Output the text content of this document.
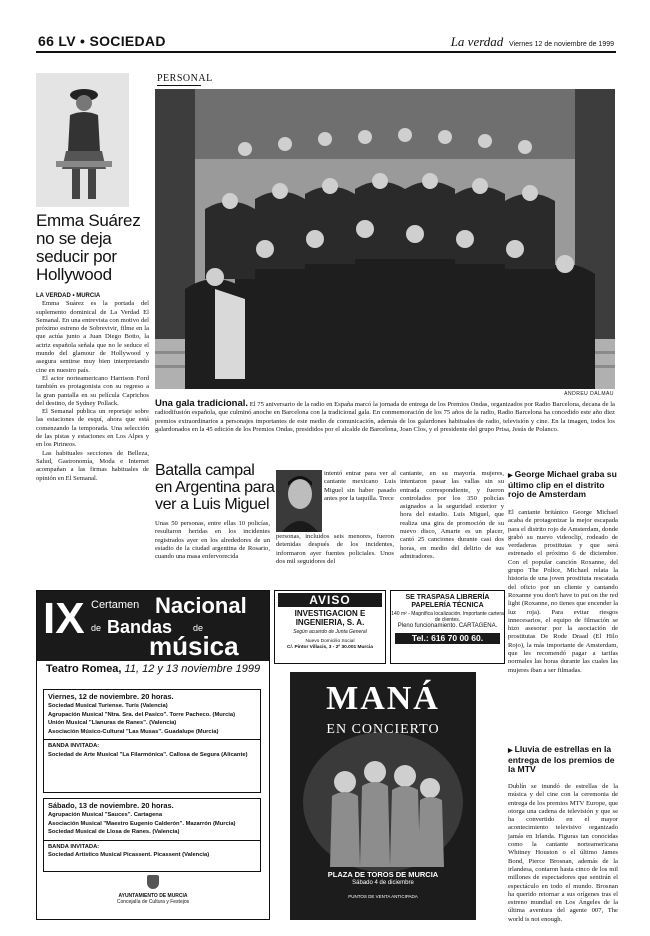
66 LV • SOCIEDAD	La verdad Viernes 12 de noviembre de 1999
PERSONAL
ANDREU DALMAU
Una gala tradicional. El 75 aniversario de la radio en España marcó la jornada de entrega de los Premios Ondas, organizados por Radio Barcelona, decana de la radiodifusión española, que culminó anoche en Barcelona con la tradicional gala. En conmemoración de los 75 años de la radio, Radio Barcelona ha concedido este año diez premios extraordinarios a personajes importantes de este medio de comunicación, además de los galardones habituales de radio, televisión y cine. En la imagen, todos los galardonados en la 45 edición de los Premios Ondas, presididos por el alcalde de Barcelona, Joan Clos, y el presidente del grupo Prisa, Jesús de Polanco.
Emma Suárez no se deja seducir por Hollywood

LA VERDAD • MURCIA

Emma Suárez es la portada del suplemento dominical de La Verdad El Semanal. En una entrevista con motivo del próximo estreno de Sobrevivir, filme en la que actúa junto a Juan Diego Botto, la actriz española señala que no le seduce el mundo del glamour de Hollywood y asegura sentirse muy bien interpretando cine en nuestro país.

El actor norteamericano Harrison Ford también es protagonista con su regreso a la gran pantalla en su película Caprichos del destino, de Sydney Pollack.

El Semanal publica un reportaje sobre las estaciones de esquí, ahora que está comenzando la temporada. Una selección de las pistas y estaciones en Los Alpes y en los Pirineos.

Las habituales secciones de Belleza, Salud, Gastronomía, Moda e Internet acompañan a las firmas habituales de opinión en El Semanal.	Batalla campal en Argentina para ver a Luis Miguel
Unas 50 personas, entre ellas 10 policías, resultaron heridas en los incidentes registrados ayer en los alrededores de un estadio de la ciudad argentina de Rosario, cuando una masa enfervorecida
intentó entrar para ver al cantante mexicano Luis Miguel sin haber pasado antes por la taquilla. Trece
personas, incluidos seis menores, fueron detenidas después de los incidentes, informaron ayer fuentes policiales. Unos dos mil seguidores del
cantante, en su mayoría mujeres, intentaron pasar las vallas sin su entrada correspondiente, y fueron controlados por los 350 policías asignados a la seguridad exterior y hora del estadio. Luis Miguel, que realiza una gira de promoción de su nuevo disco, Amarte es un placer, cantó 25 canciones durante casi dos horas, en medio del delirio de sus admiradores.
▶ George Michael graba su último clip en el distrito rojo de Amsterdam

El cantante británico George Michael acaba de protagonizar la mejor escapada para el distrito rojo de Amsterdam, donde grabó su nuevo videoclip, rodeado de verdaderas prostitutas y que será estrenado el próximo 6 de diciembre. Con el popular canción Roxanne, del grupo The Police, Michael relata la historia de una joven prostituta rescatada del oficio por un cliente y cantando Roxanne you don't have to put on the red light (Roxanne, no tienes que encender la luz roja). Para evitar riesgos innecesarios, el equipo de filmación se hizo asesorar por la asociación de prostitutas De Rode Draad (El Hilo Rojo), la más importante de Amsterdam, que les recomendó pagar a tarifas normales las horas durante las cuales las mujeres iban a ser filmadas.

▶ Lluvia de estrellas en la entrega de los premios de la MTV

Dublín se inundó de estrellas de la música y del cine con la ceremonia de entrega de los premios MTV Europe, que otorga una cadena de televisión y que se ha convertido en el mayor acontecimiento televisivo organizado jamás en Irlanda. Figuras tan conocidas como la cantante norteamericana Whitney Houston o el último James Bond, Pierce Brosnan, además de la irlandesa, contaron hasta cinco de los mil millones de espectadores que sentirán el espectáculo en todo el mundo. Brosnan ha querido retornar a sus orígenes tras el estreno mundial en Los Ángeles de la última aventura del agente 007, The world is not enough.

IX Certamen Nacional
de Bandas de
música
Teatro Romea, 11, 12 y 13 noviembre 1999
Viernes, 12 de noviembre. 20 horas.
Sociedad Musical Turiense. Turís (Valencia)
Agrupación Musical "Ntra. Sra. del Pasico". Torre Pacheco. (Murcia)
Unión Musical "Llanuras de Ranes". (Valencia)
Asociación Músico-Cultural "Las Musas". Guadalupe (Murcia)
BANDA INVITADA:
Sociedad de Arte Musical "La Filarmónica". Callosa de Segura (Alicante)
Sábado, 13 de noviembre. 20 horas.
Agrupación Musical "Sauces". Cartagena
Asociación Musical "Maestro Eugenio Calderón". Mazarrón (Murcia)
Sociedad Musical de Llosa de Ranes. (Valencia)
BANDA INVITADA:
Sociedad Artístico Musical Picassent. Picassent (Valencia)
AYUNTAMIENTO DE MURCIA
Concejalía de Cultura y Festejos
AVISO
INVESTIGACION E INGENIERIA, S. A.
Según acuerdo de Junta General
Nuevo Domicilio Social
C/. Pintor Villacis, 3 - 2º 30.001 Murcia
SE TRASPASA LIBRERÍA
PAPELERÍA TÉCNICA
140 m² - Magnífica localización. Importante cartera de clientes.
Pleno funcionamiento. CARTAGENA.
Tel.: 616 70 00 60.
MANÁ
EN CONCIERTO
PLAZA DE TOROS DE MURCIA
Sábado 4 de diciembre
PUNTOS DE VENTA ANTICIPADA
